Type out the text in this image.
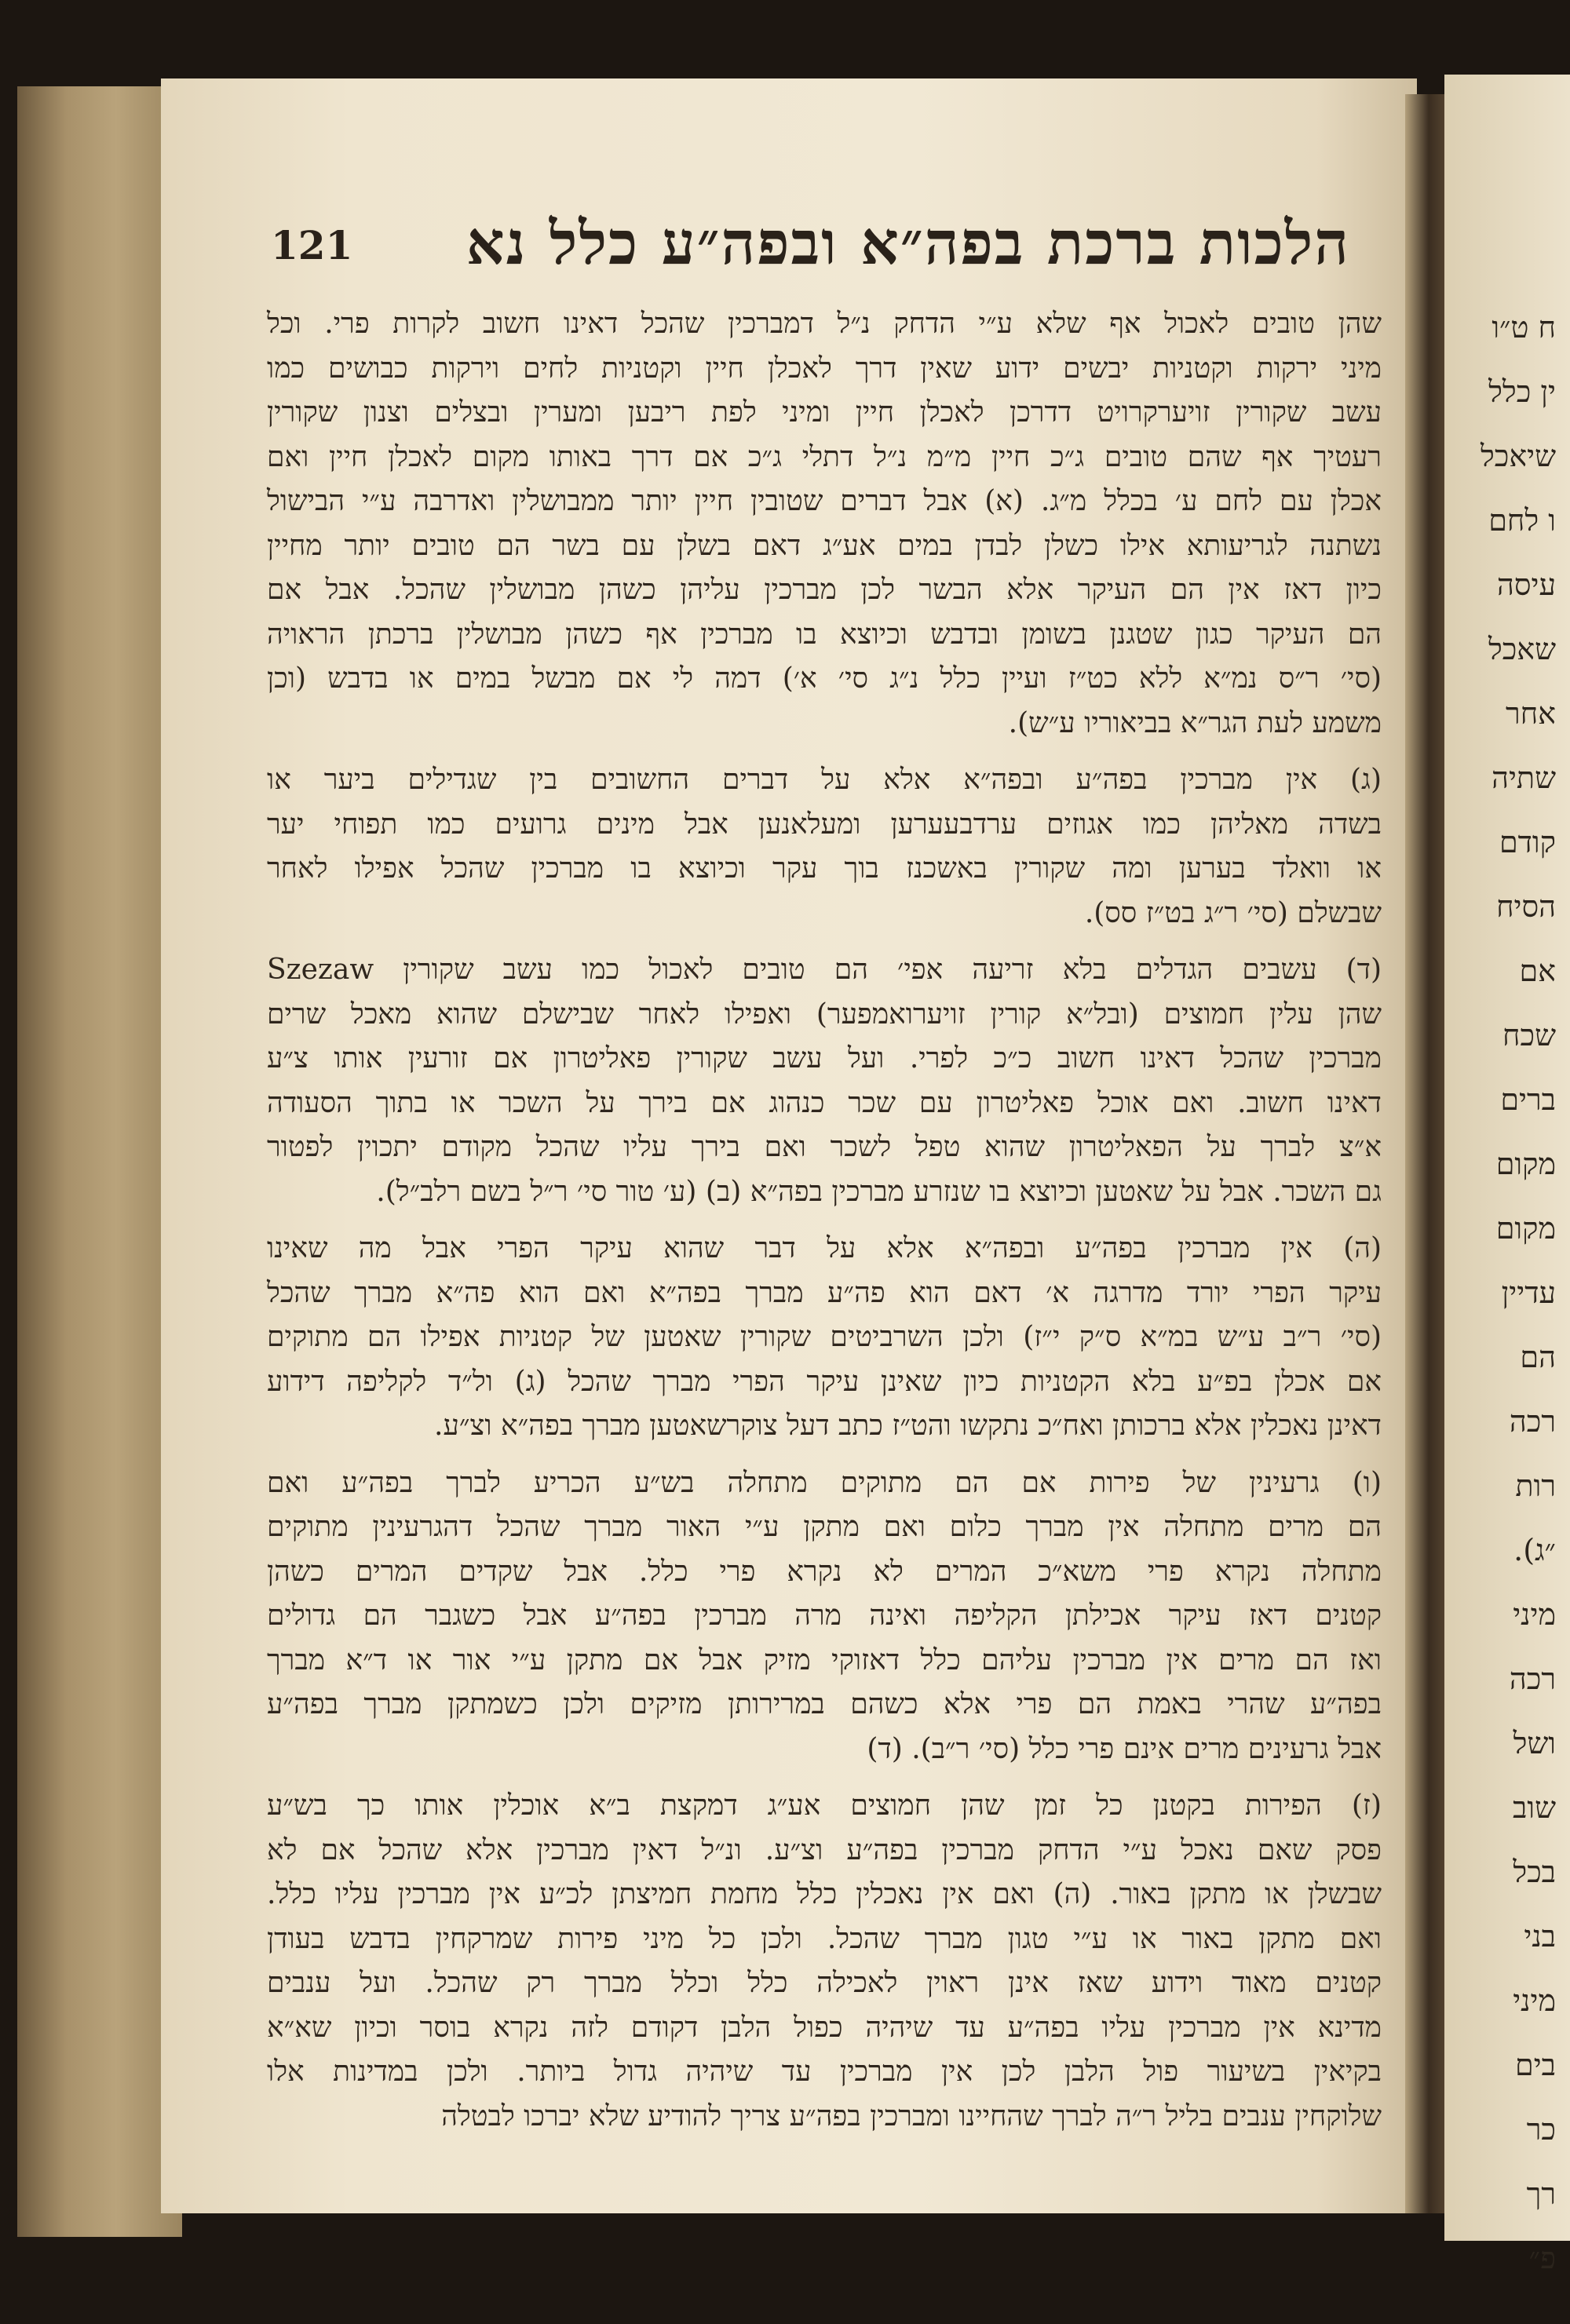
ח ט״ו
ין כלל
שיאכל
ו לחם
עיסה
שאכל
אחר
שתיה
קודם
הסיח
אם
שכח
ברים
מקום
מקום
עדיין
הם
רכה
רות
״ג).
מיני
רכה
ושל
שוב
בכל
בני
מיני
בים
כר
רך
פ״
121 הלכות ברכת בפה״א ובפה״ע כלל נא
שהן טובים לאכול אף שלא ע״י הדחק נ״ל דמברכין שהכל דאינו חשוב לקרות פרי. וכל
מיני ירקות וקטניות יבשים ידוע שאין דרך לאכלן חיין וקטניות לחים וירקות כבושים כמו
עשב שקורין זויערקרויט דדרכן לאכלן חיין ומיני לפת ריבען ומערין ובצלים וצנון שקורין
רעטיך אף שהם טובים ג״כ חיין מ״מ נ״ל דתלי ג״כ אם דרך באותו מקום לאכלן חיין ואם
אכלן עם לחם ע׳ בכלל מ״ג. (א) אבל דברים שטובין חיין יותר ממבושלין ואדרבה ע״י הבישול
נשתנה לגריעותא אילו כשלן לבדן במים אע״ג דאם בשלן עם בשר הם טובים יותר מחיין
כיון דאז אין הם העיקר אלא הבשר לכן מברכין עליהן כשהן מבושלין שהכל. אבל אם
הם העיקר כגון שטגנן בשומן ובדבש וכיוצא בו מברכין אף כשהן מבושלין ברכתן הראויה
(סי׳ ר״ס נמ״א ללא כט״ז ועיין כלל נ״ג סי׳ א׳) דמה לי אם מבשל במים או בדבש (וכן
משמע לעת הגר״א בביאוריו ע״ש).
(ג) אין מברכין בפה״ע ובפה״א אלא על דברים החשובים בין שגדילים ביער או
בשדה מאליהן כמו אגוזים ערדבעערען ומעלאנען אבל מינים גרועים כמו תפוחי יער
או וואלד בערען ומה שקורין באשכנז בוך עקר וכיוצא בו מברכין שהכל אפילו לאחר
שבשלם (סי׳ ר״ג בט״ז סס).
(ד) עשבים הגדלים בלא זריעה אפי׳ הם טובים לאכול כמו עשב שקורין Szezaw
שהן עלין חמוצים (ובל״א קורין זויערואמפער) ואפילו לאחר שבישלם שהוא מאכל שרים
מברכין שהכל דאינו חשוב כ״כ לפרי. ועל עשב שקורין פאליטרון אם זורעין אותו צ״ע
דאינו חשוב. ואם אוכל פאליטרון עם שכר כנהוג אם בירך על השכר או בתוך הסעודה
א״צ לברך על הפאליטרון שהוא טפל לשכר ואם בירך עליו שהכל מקודם יתכוין לפטור
גם השכר. אבל על שאטען וכיוצא בו שנזרע מברכין בפה״א (ב) (ע׳ טור סי׳ ר״ל בשם רלב״ל).
(ה) אין מברכין בפה״ע ובפה״א אלא על דבר שהוא עיקר הפרי אבל מה שאינו
עיקר הפרי יורד מדרגה א׳ דאם הוא פה״ע מברך בפה״א ואם הוא פה״א מברך שהכל
(סי׳ ר״ב ע״ש במ״א ס״ק י״ז) ולכן השרביטים שקורין שאטען של קטניות אפילו הם מתוקים
אם אכלן בפ״ע בלא הקטניות כיון שאינן עיקר הפרי מברך שהכל (ג) ול״ד לקליפה דידוע
דאינן נאכלין אלא ברכותן ואח״כ נתקשו והט״ז כתב דעל צוקרשאטען מברך בפה״א וצ״ע.
(ו) גרעינין של פירות אם הם מתוקים מתחלה בש״ע הכריע לברך בפה״ע ואם
הם מרים מתחלה אין מברך כלום ואם מתקן ע״י האור מברך שהכל דהגרעינין מתוקים
מתחלה נקרא פרי משא״כ המרים לא נקרא פרי כלל. אבל שקדים המרים כשהן
קטנים דאז עיקר אכילתן הקליפה ואינה מרה מברכין בפה״ע אבל כשגבר הם גדולים
ואז הם מרים אין מברכין עליהם כלל דאזוקי מזיק אבל אם מתקן ע״י אור או ד״א מברך
בפה״ע שהרי באמת הם פרי אלא כשהם במרירותן מזיקים ולכן כשמתקן מברך בפה״ע
אבל גרעינים מרים אינם פרי כלל (סי׳ ר״ב). (ד)
(ז) הפירות בקטנן כל זמן שהן חמוצים אע״ג דמקצת ב״א אוכלין אותו כך בש״ע
פסק שאם נאכל ע״י הדחק מברכין בפה״ע וצ״ע. ונ״ל דאין מברכין אלא שהכל אם לא
שבשלן או מתקן באור. (ה) ואם אין נאכלין כלל מחמת חמיצתן לכ״ע אין מברכין עליו כלל.
ואם מתקן באור או ע״י טגון מברך שהכל. ולכן כל מיני פירות שמרקחין בדבש בעודן
קטנים מאוד וידוע שאז אינן ראוין לאכילה כלל וכלל מברך רק שהכל. ועל ענבים
מדינא אין מברכין עליו בפה״ע עד שיהיה כפול הלבן דקודם לזה נקרא בוסר וכיון שא״א
בקיאין בשיעור פול הלבן לכן אין מברכין עד שיהיה גדול ביותר. ולכן במדינות אלו
שלוקחין ענבים בליל ר״ה לברך שהחיינו ומברכין בפה״ע צריך להודיע שלא יברכו לבטלה
